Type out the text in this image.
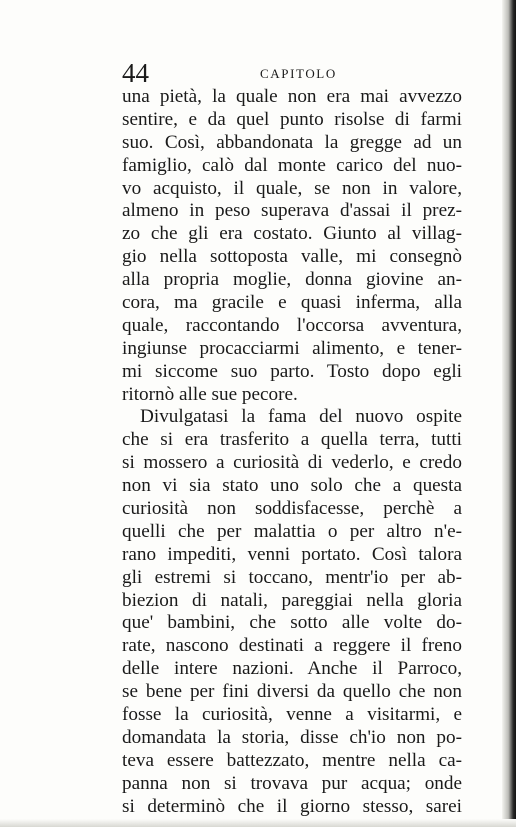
44	CAPITOLO
una pietà, la quale non era mai avvezzo
sentire, e da quel punto risolse di farmi
suo. Così, abbandonata la gregge ad un
famiglio, calò dal monte carico del nuo-
vo acquisto, il quale, se non in valore,
almeno in peso superava d'assai il prez-
zo che gli era costato. Giunto al villag-
gio nella sottoposta valle, mi consegnò
alla propria moglie, donna giovine an-
cora, ma gracile e quasi inferma, alla
quale, raccontando l'occorsa avventura,
ingiunse procacciarmi alimento, e tener-
mi siccome suo parto. Tosto dopo egli
ritornò alle sue pecore.
Divulgatasi la fama del nuovo ospite
che si era trasferito a quella terra, tutti
si mossero a curiosità di vederlo, e credo
non vi sia stato uno solo che a questa
curiosità non soddisfacesse, perchè a
quelli che per malattia o per altro n'e-
rano impediti, venni portato. Così talora
gli estremi si toccano, mentr'io per ab-
biezion di natali, pareggiai nella gloria
que' bambini, che sotto alle volte do-
rate, nascono destinati a reggere il freno
delle intere nazioni. Anche il Parroco,
se bene per fini diversi da quello che non
fosse la curiosità, venne a visitarmi, e
domandata la storia, disse ch'io non po-
teva essere battezzato, mentre nella ca-
panna non si trovava pur acqua; onde
si determinò che il giorno stesso, sarei
